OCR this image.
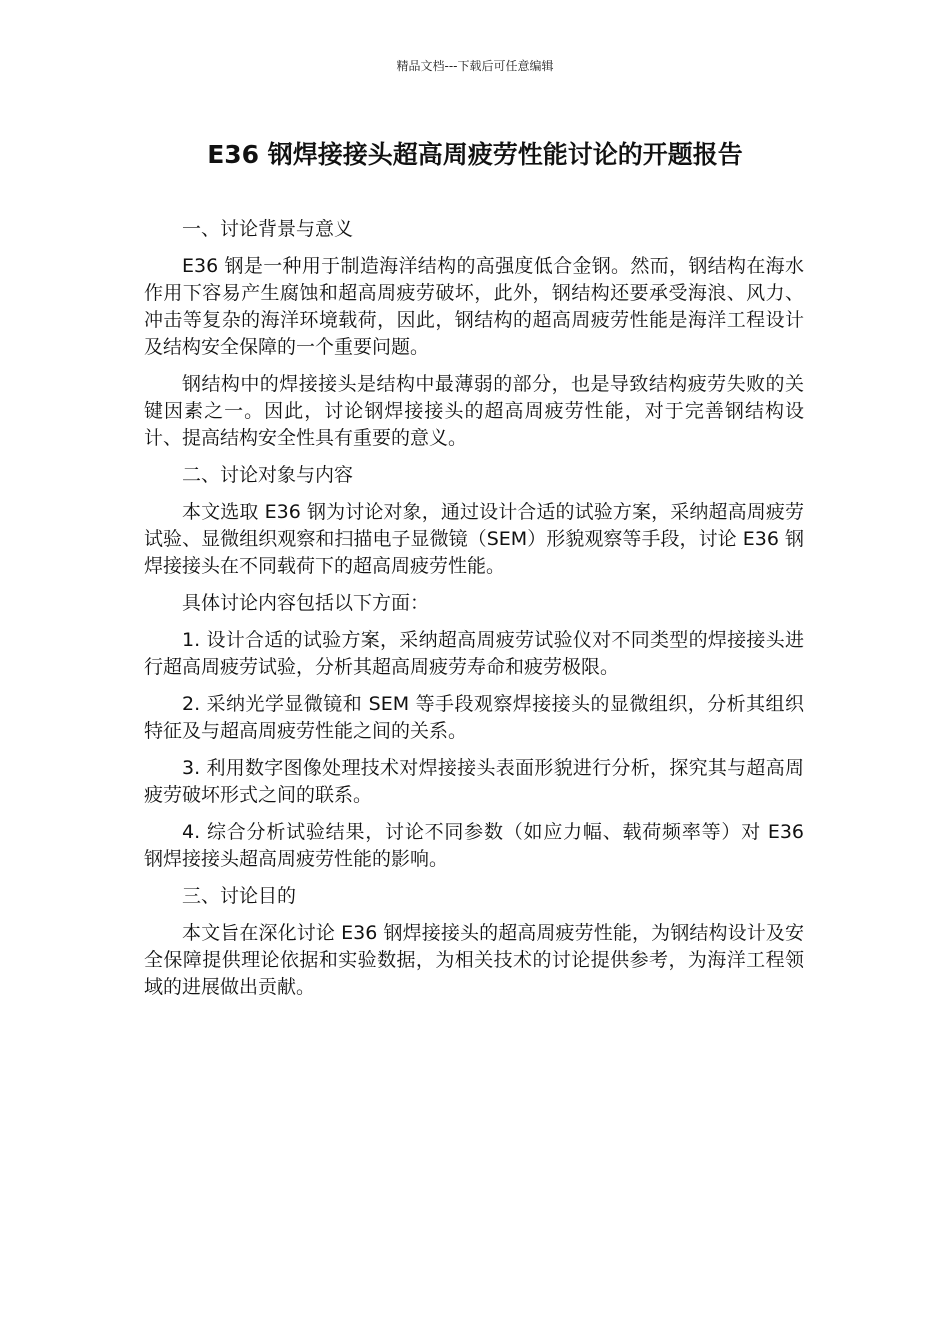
精品文档---下载后可任意编辑
E36 钢焊接接头超高周疲劳性能讨论的开题报告

一、讨论背景与意义

E36 钢是一种用于制造海洋结构的高强度低合金钢。然而，钢结构在海水作用下容易产生腐蚀和超高周疲劳破坏，此外，钢结构还要承受海浪、风力、冲击等复杂的海洋环境载荷，因此，钢结构的超高周疲劳性能是海洋工程设计及结构安全保障的一个重要问题。

钢结构中的焊接接头是结构中最薄弱的部分，也是导致结构疲劳失败的关键因素之一。因此，讨论钢焊接接头的超高周疲劳性能，对于完善钢结构设计、提高结构安全性具有重要的意义。

二、讨论对象与内容

本文选取 E36 钢为讨论对象，通过设计合适的试验方案，采纳超高周疲劳试验、显微组织观察和扫描电子显微镜（SEM）形貌观察等手段，讨论 E36 钢焊接接头在不同载荷下的超高周疲劳性能。

具体讨论内容包括以下方面：

1. 设计合适的试验方案，采纳超高周疲劳试验仪对不同类型的焊接接头进行超高周疲劳试验，分析其超高周疲劳寿命和疲劳极限。

2. 采纳光学显微镜和 SEM 等手段观察焊接接头的显微组织，分析其组织特征及与超高周疲劳性能之间的关系。

3. 利用数字图像处理技术对焊接接头表面形貌进行分析，探究其与超高周疲劳破坏形式之间的联系。

4. 综合分析试验结果，讨论不同参数（如应力幅、载荷频率等）对 E36 钢焊接接头超高周疲劳性能的影响。

三、讨论目的

本文旨在深化讨论 E36 钢焊接接头的超高周疲劳性能，为钢结构设计及安全保障提供理论依据和实验数据，为相关技术的讨论提供参考，为海洋工程领域的进展做出贡献。
